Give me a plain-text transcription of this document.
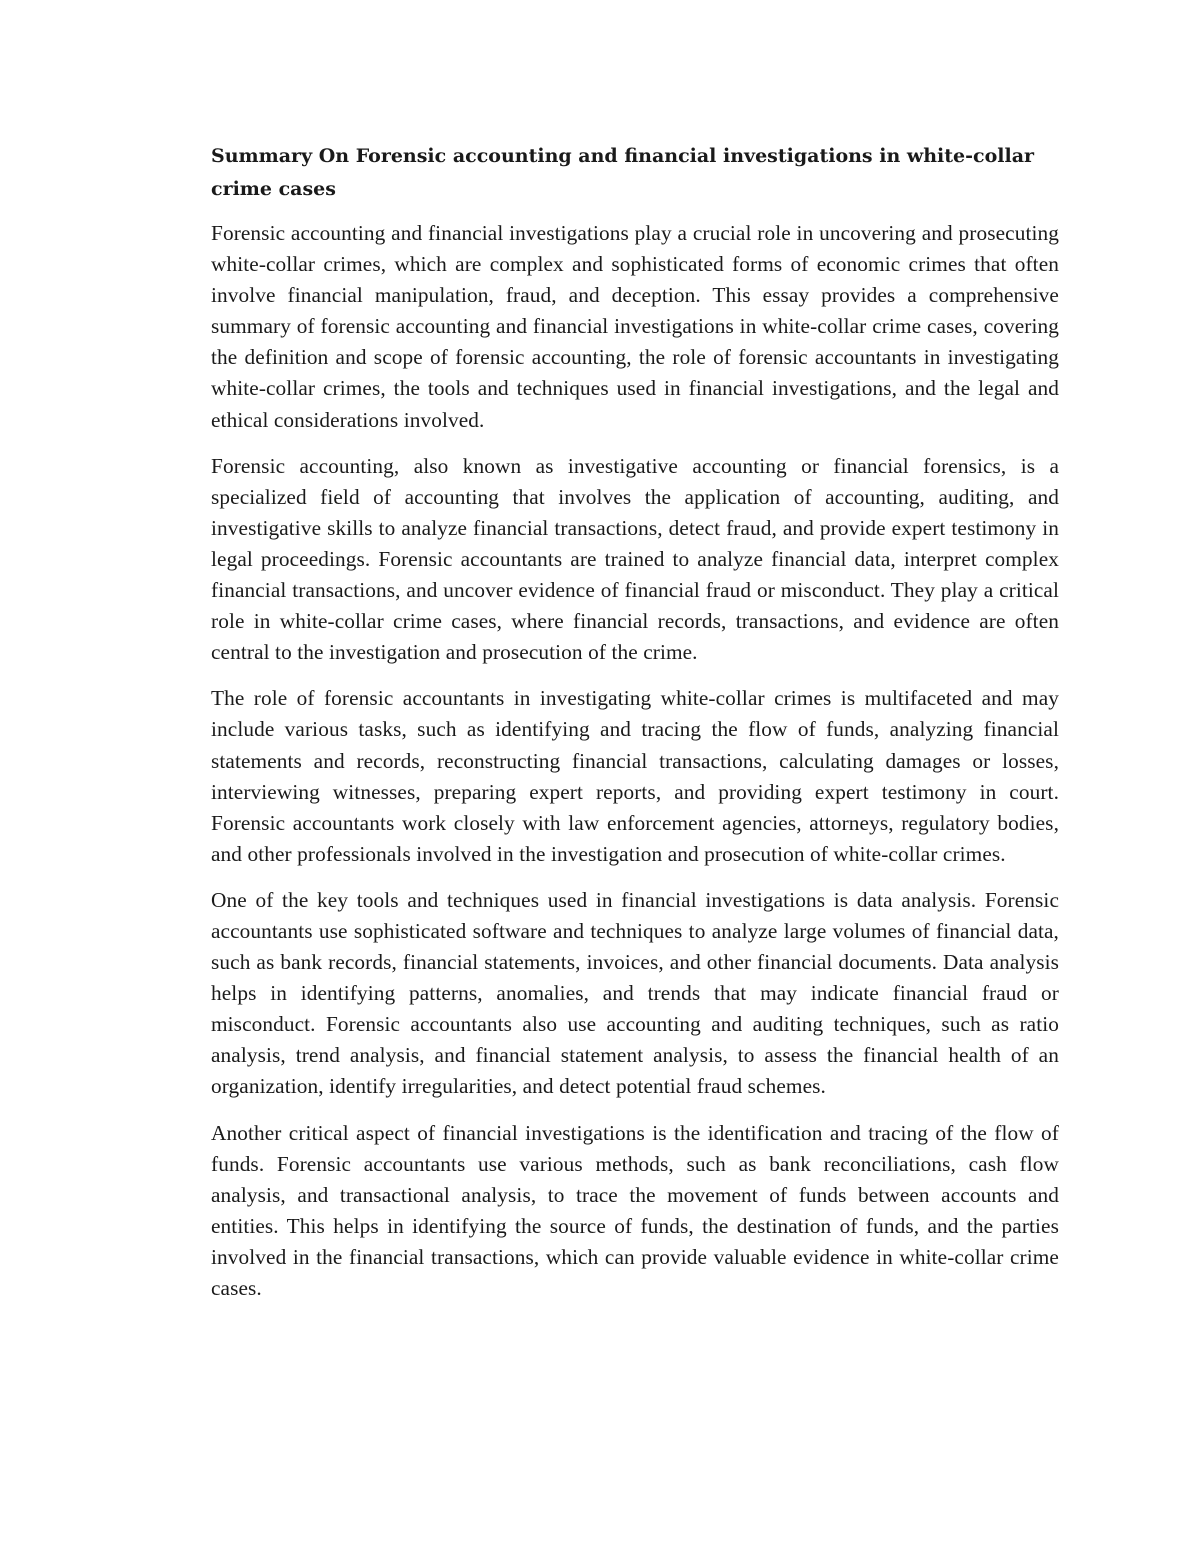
Summary On Forensic accounting and financial investigations in white-collar crime cases

Forensic accounting and financial investigations play a crucial role in uncovering and prosecuting white-collar crimes, which are complex and sophisticated forms of economic crimes that often involve financial manipulation, fraud, and deception. This essay provides a comprehensive summary of forensic accounting and financial investigations in white-collar crime cases, covering the definition and scope of forensic accounting, the role of forensic accountants in investigating white-collar crimes, the tools and techniques used in financial investigations, and the legal and ethical considerations involved.

Forensic accounting, also known as investigative accounting or financial forensics, is a specialized field of accounting that involves the application of accounting, auditing, and investigative skills to analyze financial transactions, detect fraud, and provide expert testimony in legal proceedings. Forensic accountants are trained to analyze financial data, interpret complex financial transactions, and uncover evidence of financial fraud or misconduct. They play a critical role in white-collar crime cases, where financial records, transactions, and evidence are often central to the investigation and prosecution of the crime.

The role of forensic accountants in investigating white-collar crimes is multifaceted and may include various tasks, such as identifying and tracing the flow of funds, analyzing financial statements and records, reconstructing financial transactions, calculating damages or losses, interviewing witnesses, preparing expert reports, and providing expert testimony in court. Forensic accountants work closely with law enforcement agencies, attorneys, regulatory bodies, and other professionals involved in the investigation and prosecution of white-collar crimes.

One of the key tools and techniques used in financial investigations is data analysis. Forensic accountants use sophisticated software and techniques to analyze large volumes of financial data, such as bank records, financial statements, invoices, and other financial documents. Data analysis helps in identifying patterns, anomalies, and trends that may indicate financial fraud or misconduct. Forensic accountants also use accounting and auditing techniques, such as ratio analysis, trend analysis, and financial statement analysis, to assess the financial health of an organization, identify irregularities, and detect potential fraud schemes.

Another critical aspect of financial investigations is the identification and tracing of the flow of funds. Forensic accountants use various methods, such as bank reconciliations, cash flow analysis, and transactional analysis, to trace the movement of funds between accounts and entities. This helps in identifying the source of funds, the destination of funds, and the parties involved in the financial transactions, which can provide valuable evidence in white-collar crime cases.
